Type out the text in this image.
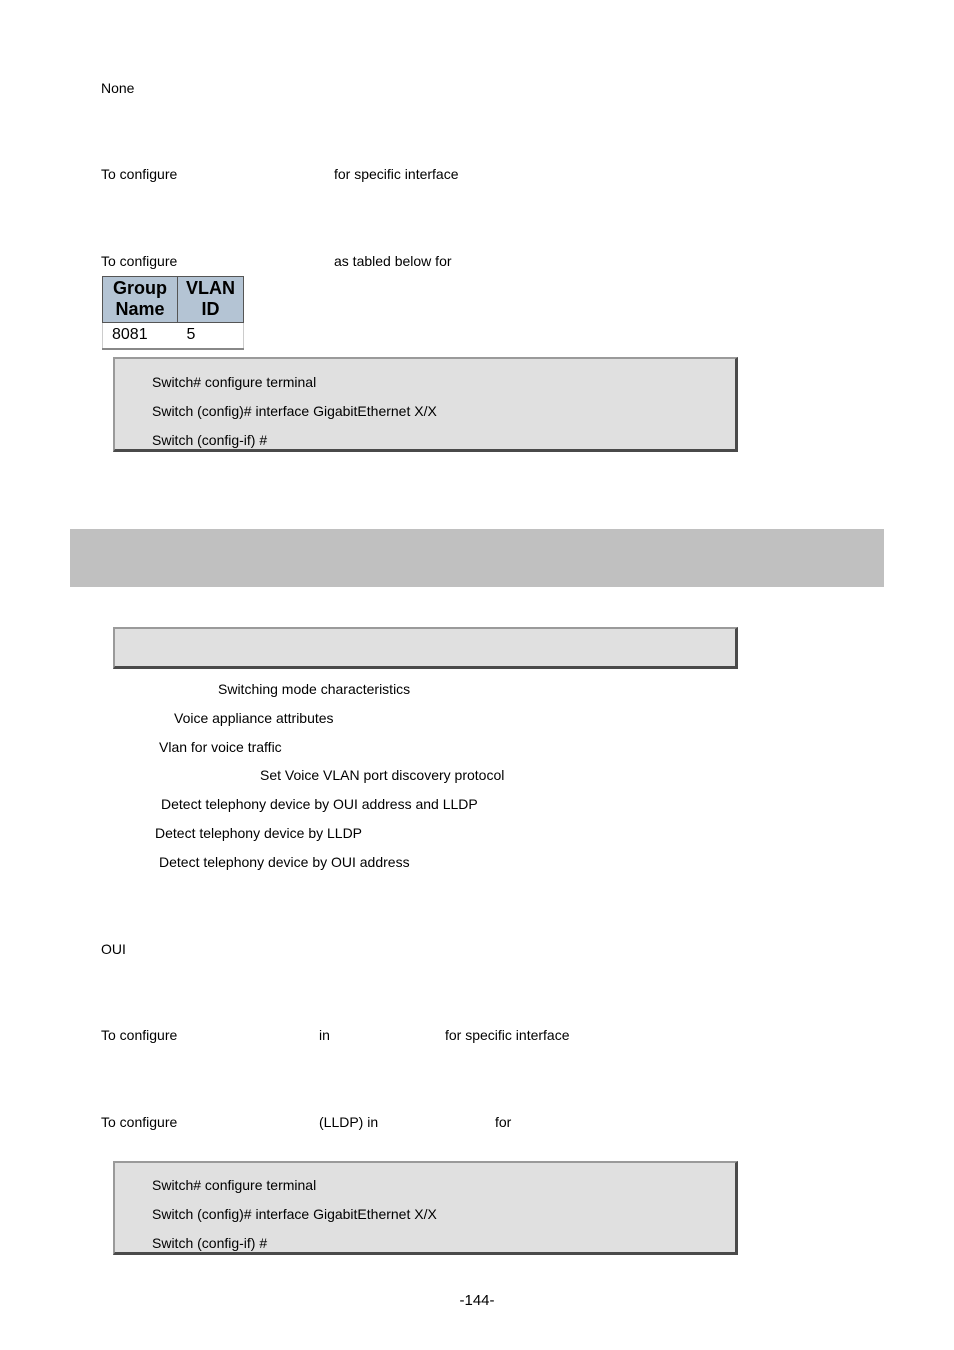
None
To configure	for specific interface
To configure	as tabled below for
Group Name	VLAN ID
8081	5
Switch# configure terminal
Switch (config)# interface GigabitEthernet X/X
Switch (config-if) #
Switching mode characteristics
Voice appliance attributes
Vlan for voice traffic
Set Voice VLAN port discovery protocol
Detect telephony device by OUI address and LLDP
Detect telephony device by LLDP
Detect telephony device by OUI address
OUI
To configure	in	for specific interface
To configure	(LLDP) in	for
Switch# configure terminal
Switch (config)# interface GigabitEthernet X/X
Switch (config-if) #
-144-
